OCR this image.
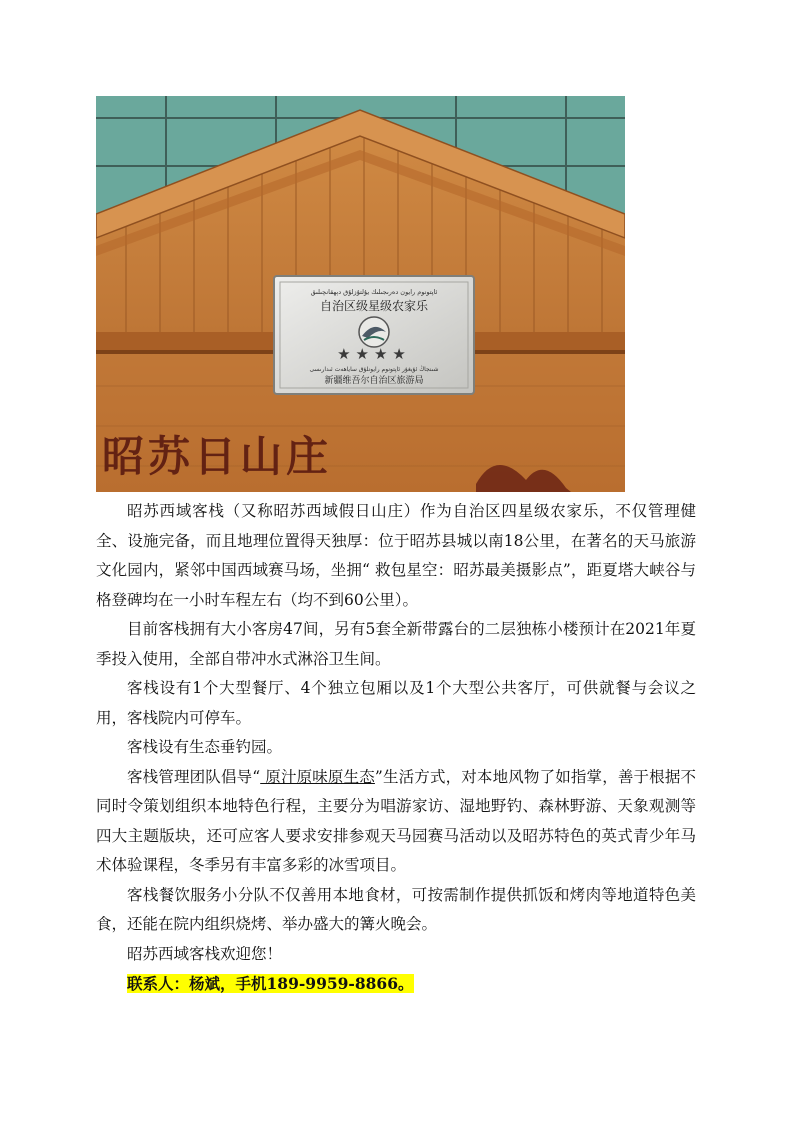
ئاپتونوم رايون دەرىجىلىك يۇلتۇزلۇق دېھقانچىلىق
自治区级星级农家乐
★★★★
شىنجاڭ ئۇيغۇر ئاپتونوم رايونلۇق ساياھەت ئىدارىسى
新疆维吾尔自治区旅游局
昭苏日山庄

昭苏西域客栈（又称昭苏西域假日山庄）作为自治区四星级农家乐，不仅管理健全、设施完备，而且地理位置得天独厚：位于昭苏县城以南18公里，在著名的天马旅游文化园内，紧邻中国西域赛马场，坐拥“ 救包星空：昭苏最美摄影点”，距夏塔大峡谷与格登碑均在一小时车程左右（均不到60公里）。

目前客栈拥有大小客房47间，另有5套全新带露台的二层独栋小楼预计在2021年夏季投入使用，全部自带冲水式淋浴卫生间。

客栈设有1个大型餐厅、4个独立包厢以及1个大型公共客厅，可供就餐与会议之用，客栈院内可停车。

客栈设有生态垂钓园。

客栈管理团队倡导“ 原汁原味原生态”生活方式，对本地风物了如指掌，善于根据不同时令策划组织本地特色行程，主要分为唱游家访、湿地野钓、森林野游、天象观测等四大主题版块，还可应客人要求安排参观天马园赛马活动以及昭苏特色的英式青少年马术体验课程，冬季另有丰富多彩的冰雪项目。

客栈餐饮服务小分队不仅善用本地食材，可按需制作提供抓饭和烤肉等地道特色美食，还能在院内组织烧烤、举办盛大的篝火晚会。

昭苏西域客栈欢迎您！

联系人：杨斌，手机189-9959-8866。
